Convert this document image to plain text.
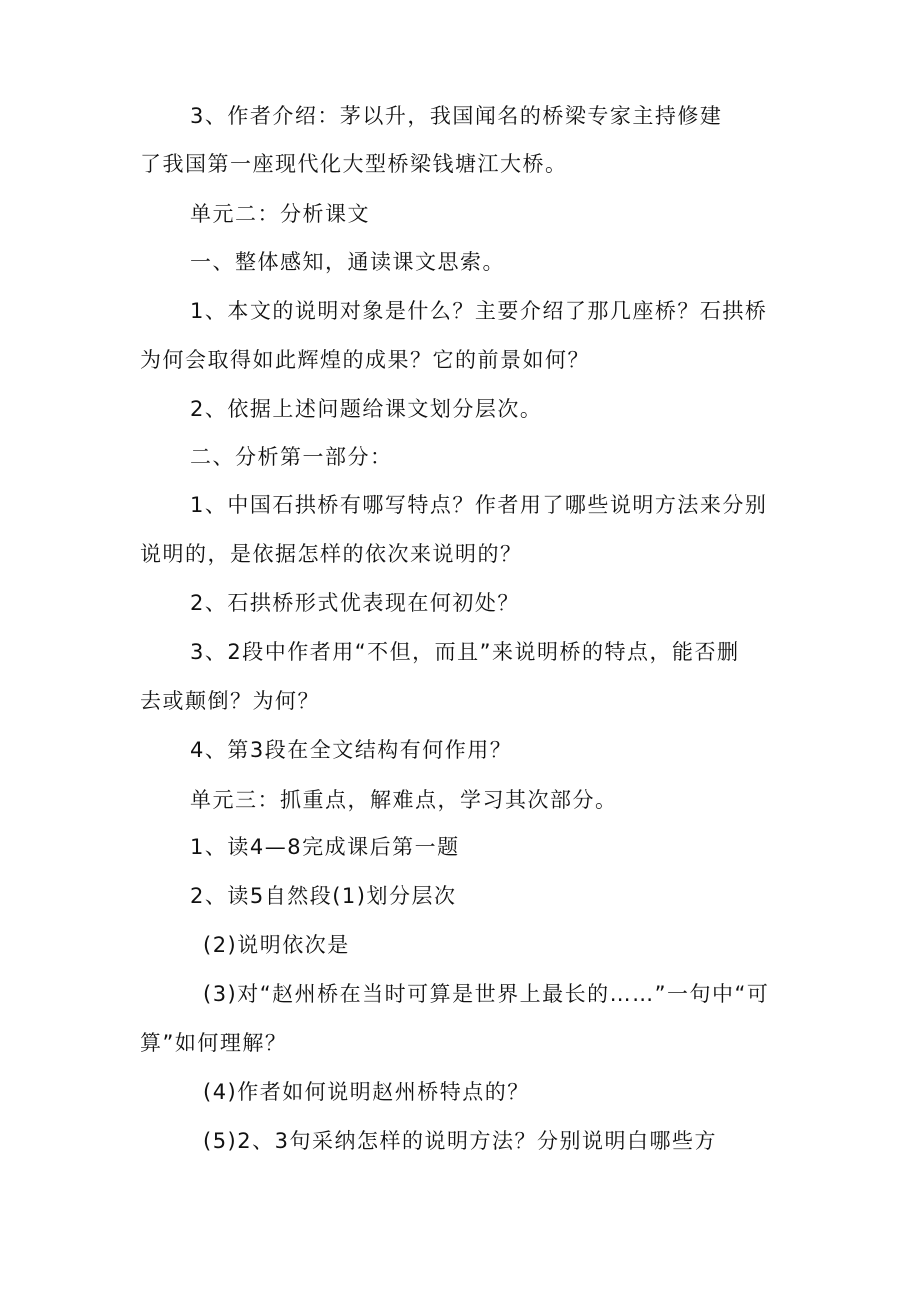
3、作者介绍：茅以升，我国闻名的桥梁专家主持修建
了我国第一座现代化大型桥梁钱塘江大桥。
单元二：分析课文
一、整体感知，通读课文思索。
1、本文的说明对象是什么？主要介绍了那几座桥？石拱桥
为何会取得如此辉煌的成果？它的前景如何？
2、依据上述问题给课文划分层次。
二、分析第一部分：
1、中国石拱桥有哪写特点？作者用了哪些说明方法来分别
说明的，是依据怎样的依次来说明的？
2、石拱桥形式优表现在何初处？
3、2段中作者用“不但，而且”来说明桥的特点，能否删
去或颠倒？为何？
4、第3段在全文结构有何作用？
单元三：抓重点，解难点，学习其次部分。
1、读4—8完成课后第一题
2、读5自然段(1)划分层次
(2)说明依次是
(3)对“赵州桥在当时可算是世界上最长的……”一句中“可
算”如何理解？
(4)作者如何说明赵州桥特点的？
(5)2、3句采纳怎样的说明方法？分别说明白哪些方
